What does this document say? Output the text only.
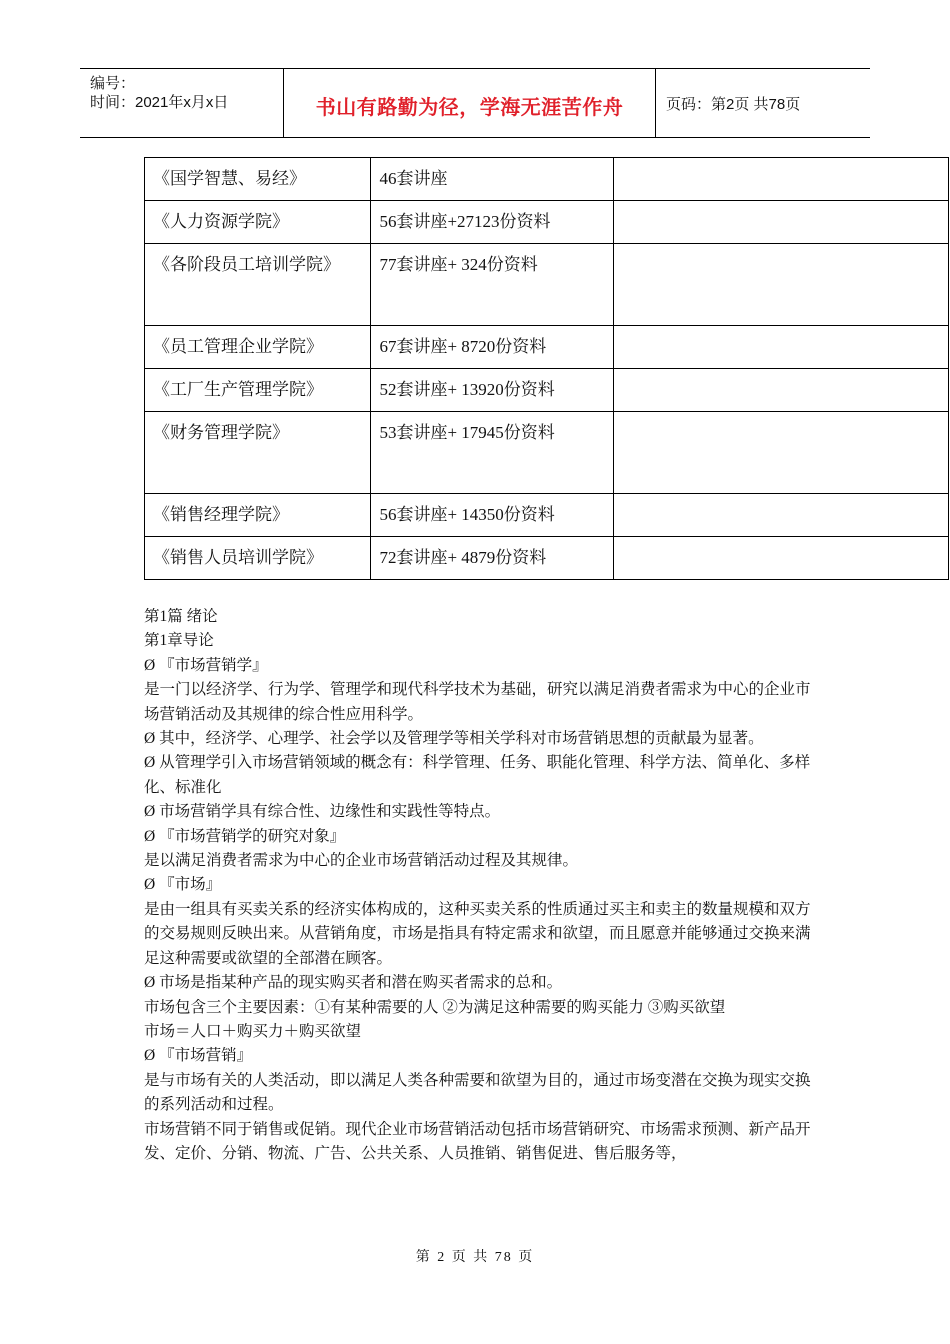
编号：
时间：2021年x月x日	书山有路勤为径，学海无涯苦作舟	页码：第2页 共78页
《国学智慧、易经》	46套讲座	
《人力资源学院》	56套讲座+27123份资料	
《各阶段员工培训学院》	77套讲座+ 324份资料	
《员工管理企业学院》	67套讲座+ 8720份资料	
《工厂生产管理学院》	52套讲座+ 13920份资料	
《财务管理学院》	53套讲座+ 17945份资料	
《销售经理学院》	56套讲座+ 14350份资料	
《销售人员培训学院》	72套讲座+ 4879份资料	

第1篇 绪论

第1章导论

Ø 『市场营销学』

是一门以经济学、行为学、管理学和现代科学技术为基础，研究以满足消费者需求为中心的企业市场营销活动及其规律的综合性应用科学。

Ø 其中，经济学、心理学、社会学以及管理学等相关学科对市场营销思想的贡献最为显著。

Ø 从管理学引入市场营销领域的概念有：科学管理、任务、职能化管理、科学方法、简单化、多样化、标准化

Ø 市场营销学具有综合性、边缘性和实践性等特点。

Ø 『市场营销学的研究对象』

是以满足消费者需求为中心的企业市场营销活动过程及其规律。

Ø 『市场』

是由一组具有买卖关系的经济实体构成的，这种买卖关系的性质通过买主和卖主的数量规模和双方的交易规则反映出来。从营销角度，市场是指具有特定需求和欲望，而且愿意并能够通过交换来满足这种需要或欲望的全部潜在顾客。

Ø 市场是指某种产品的现实购买者和潜在购买者需求的总和。

市场包含三个主要因素：①有某种需要的人 ②为满足这种需要的购买能力 ③购买欲望

市场＝人口＋购买力＋购买欲望

Ø 『市场营销』

是与市场有关的人类活动，即以满足人类各种需要和欲望为目的，通过市场变潜在交换为现实交换的系列活动和过程。

市场营销不同于销售或促销。现代企业市场营销活动包括市场营销研究、市场需求预测、新产品开发、定价、分销、物流、广告、公共关系、人员推销、销售促进、售后服务等，

第 2 页 共 78 页
